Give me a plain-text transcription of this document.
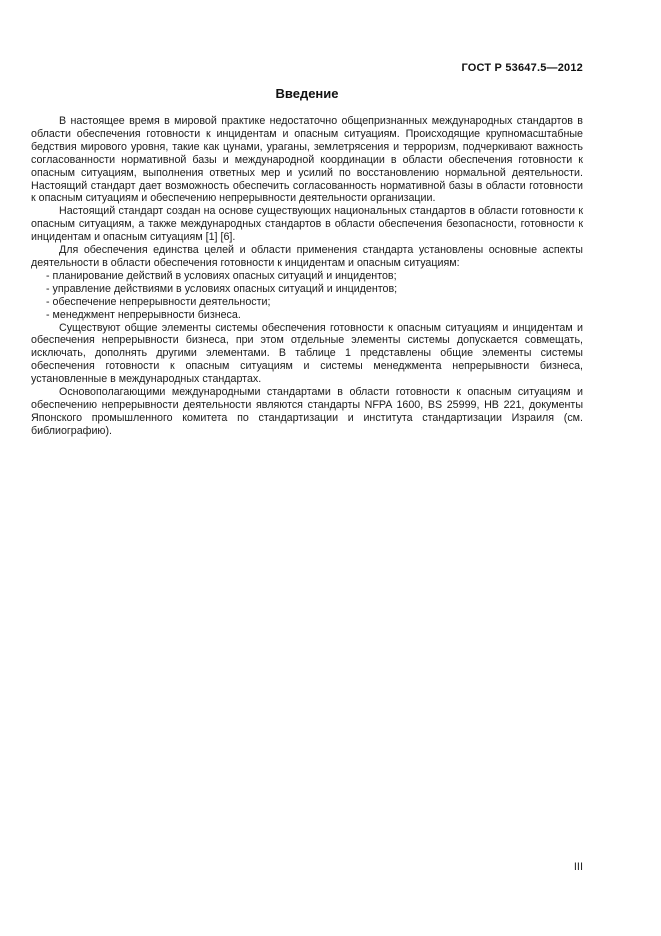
ГОСТ Р 53647.5—2012
Введение

В настоящее время в мировой практике недостаточно общепризнанных международных стандартов в области обеспечения готовности к инцидентам и опасным ситуациям. Происходящие крупномасштабные бедствия мирового уровня, такие как цунами, ураганы, землетрясения и терроризм, подчеркивают важность согласованности нормативной базы и международной координации в области обеспечения готовности к опасным ситуациям, выполнения ответных мер и усилий по восстановлению нормальной деятельности. Настоящий стандарт дает возможность обеспечить согласованность нормативной базы в области готовности к опасным ситуациям и обеспечению непрерывности деятельности организации.

Настоящий стандарт создан на основе существующих национальных стандартов в области готовности к опасным ситуациям, а также международных стандартов в области обеспечения безопасности, готовности к инцидентам и опасным ситуациям [1] [6].

Для обеспечения единства целей и области применения стандарта установлены основные аспекты деятельности в области обеспечения готовности к инцидентам и опасным ситуациям:

- планирование действий в условиях опасных ситуаций и инцидентов;

- управление действиями в условиях опасных ситуаций и инцидентов;

- обеспечение непрерывности деятельности;

- менеджмент непрерывности бизнеса.

Существуют общие элементы системы обеспечения готовности к опасным ситуациям и инцидентам и обеспечения непрерывности бизнеса, при этом отдельные элементы системы допускается совмещать, исключать, дополнять другими элементами. В таблице 1 представлены общие элементы системы обеспечения готовности к опасным ситуациям и системы менеджмента непрерывности бизнеса, установленные в международных стандартах.

Основополагающими международными стандартами в области готовности к опасным ситуациям и обеспечению непрерывности деятельности являются стандарты NFPA 1600, BS 25999, НВ 221, документы Японского промышленного комитета по стандартизации и института стандартизации Израиля (см. библиографию).

III
